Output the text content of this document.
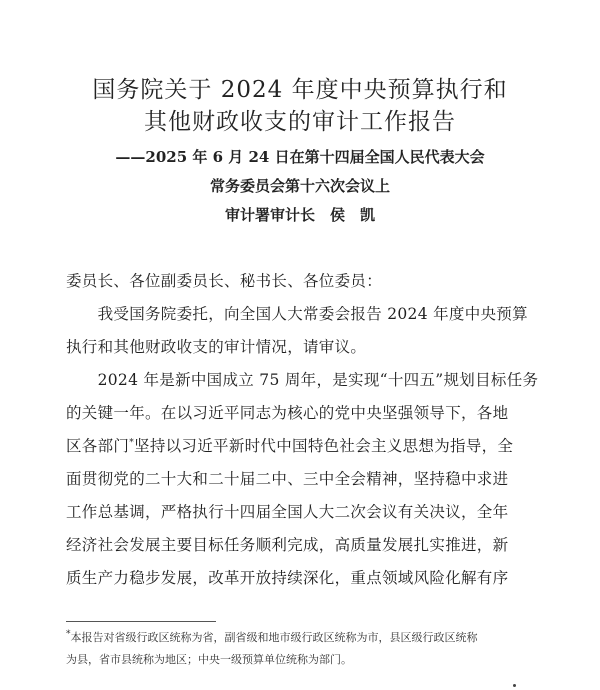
国务院关于 2024 年度中央预算执行和
其他财政收支的审计工作报告
——2025 年 6 月 24 日在第十四届全国人民代表大会
常务委员会第十六次会议上
审计署审计长　侯　凯
委员长、各位副委员长、秘书长、各位委员：
　　我受国务院委托，向全国人大常委会报告 2024 年度中央预算
执行和其他财政收支的审计情况，请审议。
　　2024 年是新中国成立 75 周年，是实现“十四五”规划目标任务
的关键一年。在以习近平同志为核心的党中央坚强领导下，各地
区各部门*坚持以习近平新时代中国特色社会主义思想为指导，全
面贯彻党的二十大和二十届二中、三中全会精神，坚持稳中求进
工作总基调，严格执行十四届全国人大二次会议有关决议，全年
经济社会发展主要目标任务顺利完成，高质量发展扎实推进，新
质生产力稳步发展，改革开放持续深化，重点领域风险化解有序
*本报告对省级行政区统称为省，副省级和地市级行政区统称为市，县区级行政区统称
为县，省市县统称为地区；中央一级预算单位统称为部门。
